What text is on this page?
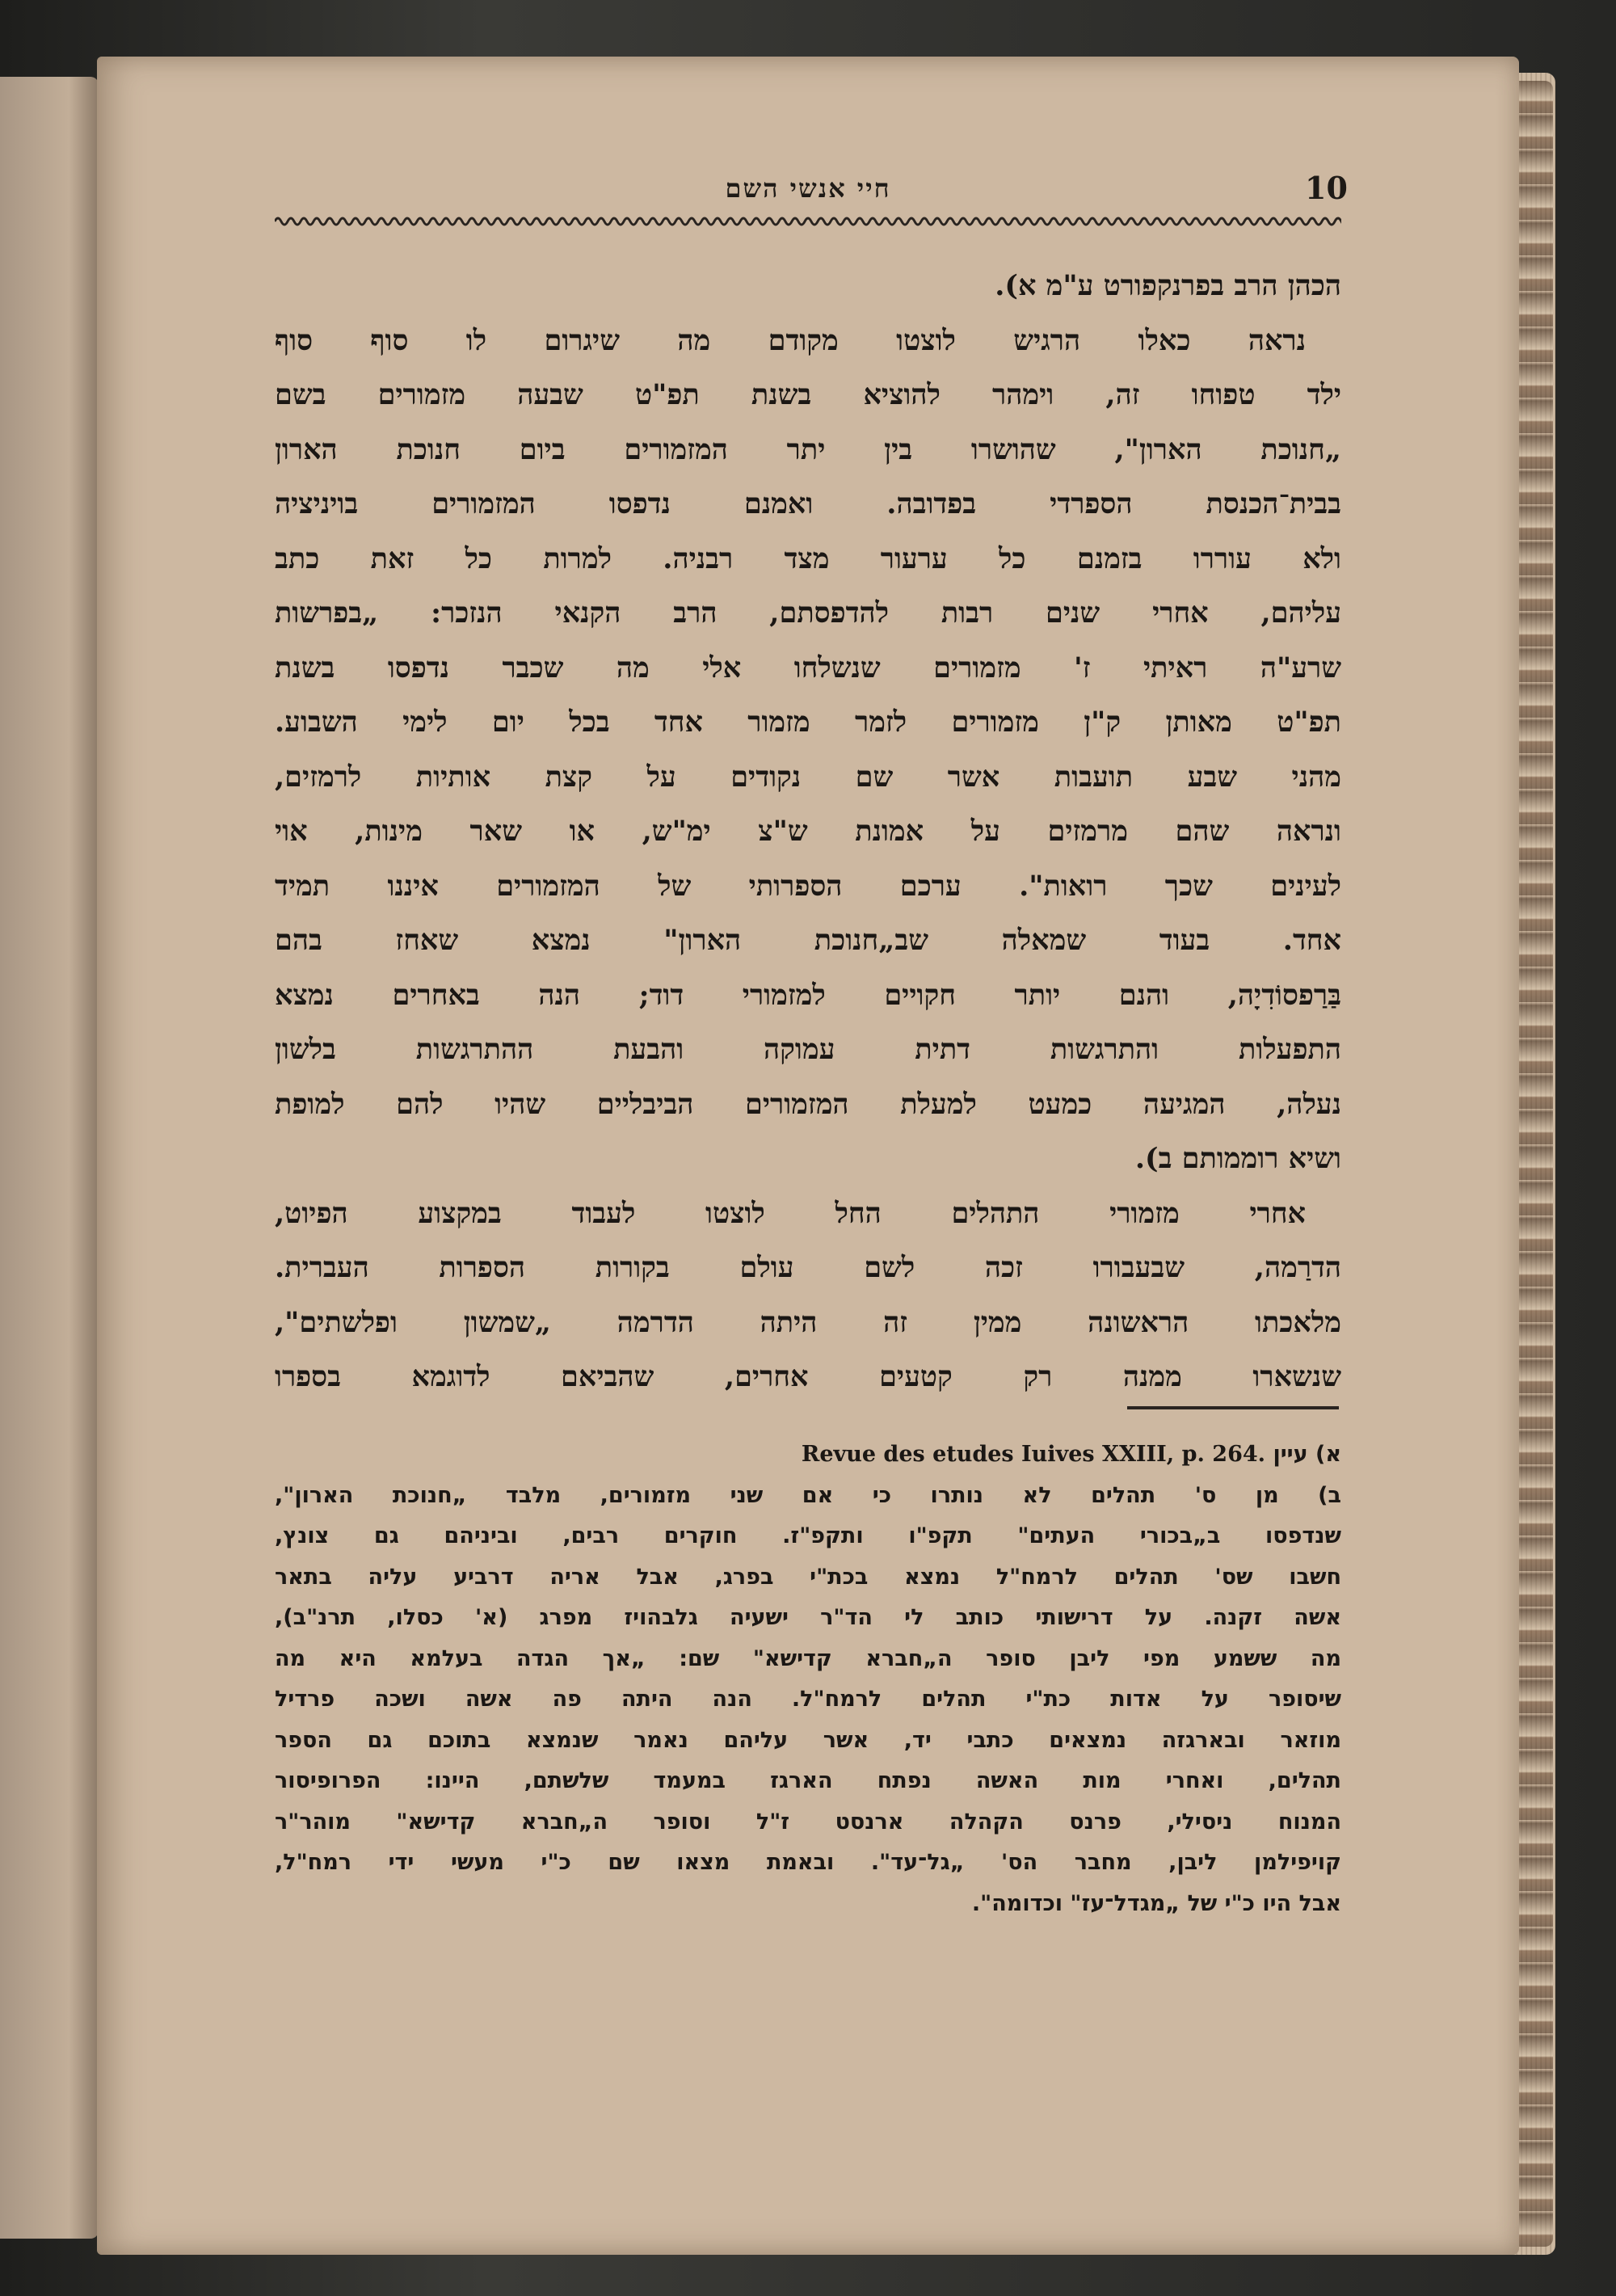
חיי אנשי השם	10
הכהן הרב בפרנקפורט ע"מ א).
נראה כאלו הרגיש לוצטו מקודם מה שיגרום לו סוף סוף
ילד טפוחו זה, וימהר להוציא בשנת תפ"ט שבעה מזמורים בשם
„חנוכת הארון", שהושרו בין יתר המזמורים ביום חנוכת הארון
בבית־הכנסת הספרדי בפדובה. ואמנם נדפסו המזמורים בויניציה
ולא עוררו בזמנם כל ערעור מצד רבניה. למרות כל זאת כתב
עליהם, אחרי שנים רבות להדפסתם, הרב הקנאי הנזכר: „בפרשות
שרע"ה ראיתי ז' מזמורים שנשלחו אלי מה שכבר נדפסו בשנת
תפ"ט מאותן ק"ן מזמורים לזמר מזמור אחד בכל יום לימי השבוע.
מהני שבע תועבות אשר שם נקודים על קצת אותיות לרמזים,
ונראה שהם מרמזים על אמונת ש"צ ימ"ש, או שאר מינות, אוי
לעינים שכך רואות". ערכם הספרותי של המזמורים איננו תמיד
אחד. בעוד שמאלה שב„חנוכת הארון" נמצא שאחז בהם
בַּרַפסוֹדִיָה, והנם יותר חקויים למזמורי דוד; הנה באחרים נמצא
התפעלות והתרגשות דתית עמוקה והבעת ההתרגשות בלשון
נעלה, המגיעה כמעט למעלת המזמורים הביבליים שהיו להם למופת
ושיא רוממותם ב).
אחרי מזמורי התהלים החל לוצטו לעבוד במקצוע הפיוט,
הדרַמה, שבעבורו זכה לשם עולם בקורות הספרות העברית.
מלאכתו הראשונה ממין זה היתה הדרמה „שמשון ופלשתים",
שנשארו ממנה רק קטעים אחרים, שהביאם לדוגמא בספרו
א) עיין Revue des etudes Iuives XXIII, p. 264.
ב) מן ס' תהלים לא נותרו כי אם שני מזמורים, מלבד „חנוכת הארון",
שנדפסו ב„בכורי העתים" תקפ"ו ותקפ"ז. חוקרים רבים, וביניהם גם צונץ,
חשבו שס' תהלים לרמח"ל נמצא בכת"י בפרג, אבל אריה דרביע עליה בתאר
אשה זקנה. על דרישותי כותב לי הד"ר ישעיה גלבהויז מפרג (א' כסלו, תרנ"ב),
מה ששמע מפי ליבן סופר ה„חברא קדישא" שם: „אך הגדה בעלמא היא מה
שיסופר על אדות כת"י תהלים לרמח"ל. הנה היתה פה אשה ושכה פרדיל
מוזאר ובארגזה נמצאים כתבי יד, אשר עליהם נאמר שנמצא בתוכם גם הספר
תהלים, ואחרי מות האשה נפתח הארגז במעמד שלשתם, היינו: הפרופיסור
המנוח ניסילי, פרנס הקהלה ארנסט ז"ל וסופר ה„חברא קדישא" מוהר"ר
קויפילמן ליבן, מחבר הס' „גל־עד". ובאמת מצאו שם כ"י מעשי ידי רמח"ל,
אבל היו כ"י של „מגדל־עז" וכדומה".
